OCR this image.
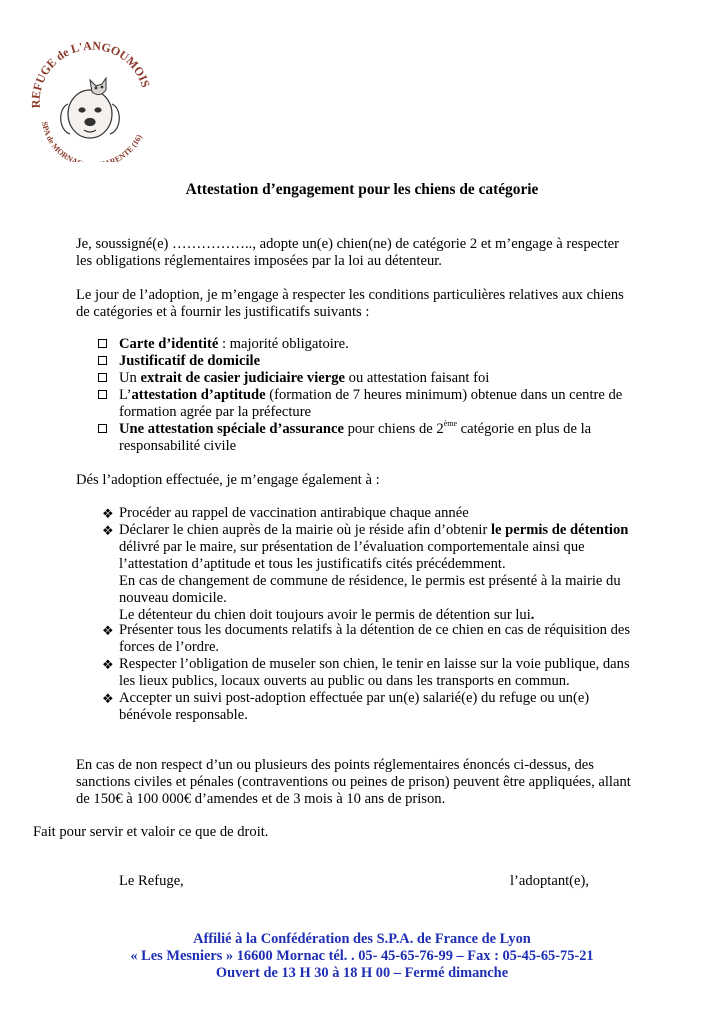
REFUGE de L'ANGOUMOIS
SPA de MORNA RENTE (16)
Attestation d’engagement pour les chiens de catégorie
Je, soussigné(e) …………….., adopte un(e) chien(ne) de catégorie 2 et m’engage à respecter
les obligations réglementaires imposées par la loi au détenteur.
Le jour de l’adoption, je m’engage à respecter les conditions particulières relatives aux chiens
de catégories et à fournir les justificatifs suivants :
Carte d’identité : majorité obligatoire.
Justificatif de domicile
Un extrait de casier judiciaire vierge ou attestation faisant foi
L’attestation d’aptitude (formation de 7 heures minimum) obtenue dans un centre de
formation agrée par la préfecture
Une attestation spéciale d’assurance pour chiens de 2ème catégorie en plus de la
responsabilité civile
Dés l’adoption effectuée, je m’engage également à :
❖ Procéder au rappel de vaccination antirabique chaque année
❖ Déclarer le chien auprès de la mairie où je réside afin d’obtenir le permis de détention
délivré par le maire, sur présentation de l’évaluation comportementale ainsi que
l’attestation d’aptitude et tous les justificatifs cités précédemment.
En cas de changement de commune de résidence, le permis est présenté à la mairie du
nouveau domicile.
Le détenteur du chien doit toujours avoir le permis de détention sur lui.
❖ Présenter tous les documents relatifs à la détention de ce chien en cas de réquisition des
forces de l’ordre.
❖ Respecter l’obligation de museler son chien, le tenir en laisse sur la voie publique, dans
les lieux publics, locaux ouverts au public ou dans les transports en commun.
❖ Accepter un suivi post-adoption effectuée par un(e) salarié(e) du refuge ou un(e)
bénévole responsable.
En cas de non respect d’un ou plusieurs des points réglementaires énoncés ci-dessus, des
sanctions civiles et pénales (contraventions ou peines de prison) peuvent être appliquées, allant
de 150€ à 100 000€ d’amendes et de 3 mois à 10 ans de prison.
Fait pour servir et valoir ce que de droit.
Le Refuge,	l’adoptant(e),
Affilié à la Confédération des S.P.A. de France de Lyon
« Les Mesniers » 16600 Mornac tél. . 05- 45-65-76-99 – Fax : 05-45-65-75-21
Ouvert de 13 H 30 à 18 H 00 – Fermé dimanche
